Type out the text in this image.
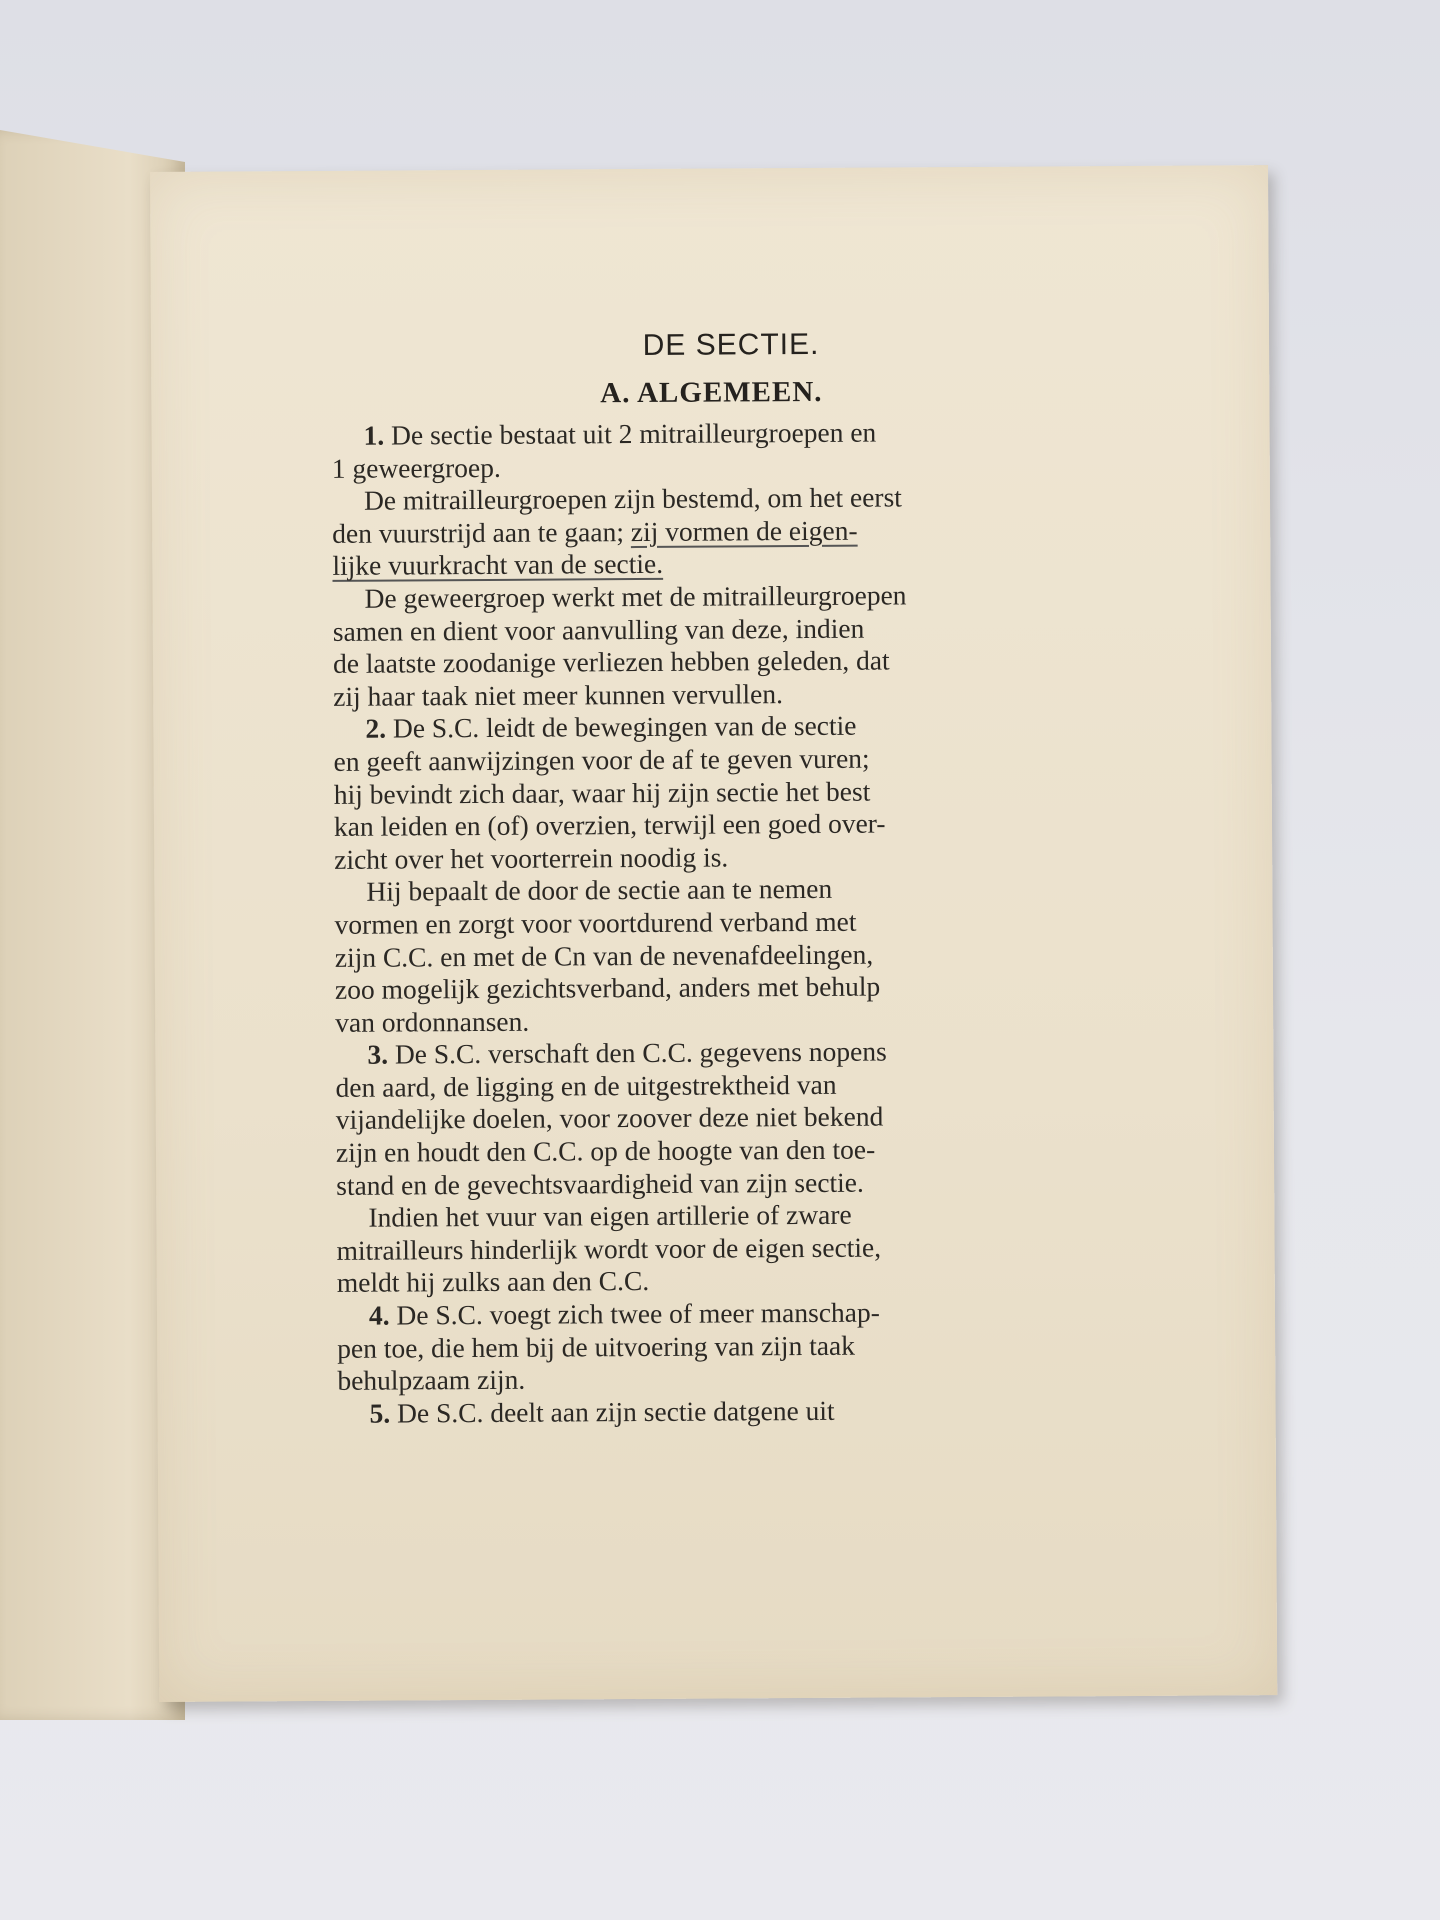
DE SECTIE.
A. ALGEMEEN.
1. De sectie bestaat uit 2 mitrailleurgroepen en
1 geweergroep.
De mitrailleurgroepen zijn bestemd, om het eerst
den vuurstrijd aan te gaan; zij vormen de eigen-
lijke vuurkracht van de sectie.
De geweergroep werkt met de mitrailleurgroepen
samen en dient voor aanvulling van deze, indien
de laatste zoodanige verliezen hebben geleden, dat
zij haar taak niet meer kunnen vervullen.
2. De S.C. leidt de bewegingen van de sectie
en geeft aanwijzingen voor de af te geven vuren;
hij bevindt zich daar, waar hij zijn sectie het best
kan leiden en (of) overzien, terwijl een goed over-
zicht over het voorterrein noodig is.
Hij bepaalt de door de sectie aan te nemen
vormen en zorgt voor voortdurend verband met
zijn C.C. en met de Cn van de nevenafdeelingen,
zoo mogelijk gezichtsverband, anders met behulp
van ordonnansen.
3. De S.C. verschaft den C.C. gegevens nopens
den aard, de ligging en de uitgestrektheid van
vijandelijke doelen, voor zoover deze niet bekend
zijn en houdt den C.C. op de hoogte van den toe-
stand en de gevechtsvaardigheid van zijn sectie.
Indien het vuur van eigen artillerie of zware
mitrailleurs hinderlijk wordt voor de eigen sectie,
meldt hij zulks aan den C.C.
4. De S.C. voegt zich twee of meer manschap-
pen toe, die hem bij de uitvoering van zijn taak
behulpzaam zijn.
5. De S.C. deelt aan zijn sectie datgene uit
